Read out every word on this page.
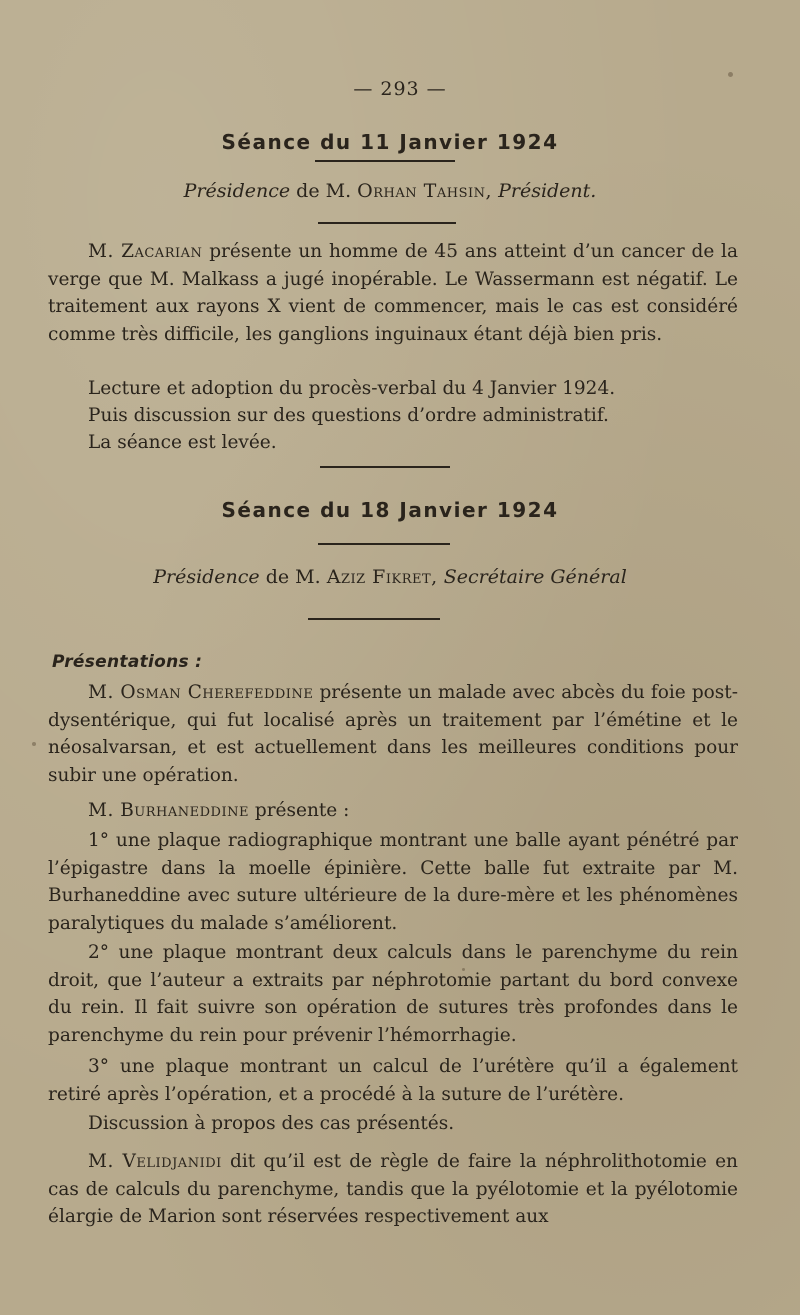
— 293 —
Séance du 11 Janvier 1924
Présidence de M. Orhan Tahsin, Président.

M. Zacarian présente un homme de 45 ans atteint d’un cancer de la verge que M. Malkass a jugé inopérable. Le Wassermann est négatif. Le traitement aux rayons X vient de commencer, mais le cas est considéré comme très difficile, les ganglions inguinaux étant déjà bien pris.

Lecture et adoption du procès-verbal du 4 Janvier 1924.

Puis discussion sur des questions d’ordre administratif.

La séance est levée.

Séance du 18 Janvier 1924
Présidence de M. Aziz Fikret, Secrétaire Général
Présentations :

M. Osman Cherefeddine présente un malade avec abcès du foie post-dysentérique, qui fut localisé après un traitement par l’émétine et le néosalvarsan, et est actuellement dans les meilleures conditions pour subir une opération.

M. Burhaneddine présente :

1° une plaque radiographique montrant une balle ayant pénétré par l’épigastre dans la moelle épinière. Cette balle fut extraite par M. Burhaneddine avec suture ultérieure de la dure-mère et les phénomènes paralytiques du malade s’améliorent.

2° une plaque montrant deux calculs dans le parenchyme du rein droit, que l’auteur a extraits par néphrotomie partant du bord convexe du rein. Il fait suivre son opération de sutures très profondes dans le parenchyme du rein pour prévenir l’hémorrhagie.

3° une plaque montrant un calcul de l’urétère qu’il a également retiré après l’opération, et a procédé à la suture de l’urétère.

Discussion à propos des cas présentés.

M. Velidjanidi dit qu’il est de règle de faire la néphrolithotomie en cas de calculs du parenchyme, tandis que la pyélotomie et la pyélotomie élargie de Marion sont réservées respectivement aux
